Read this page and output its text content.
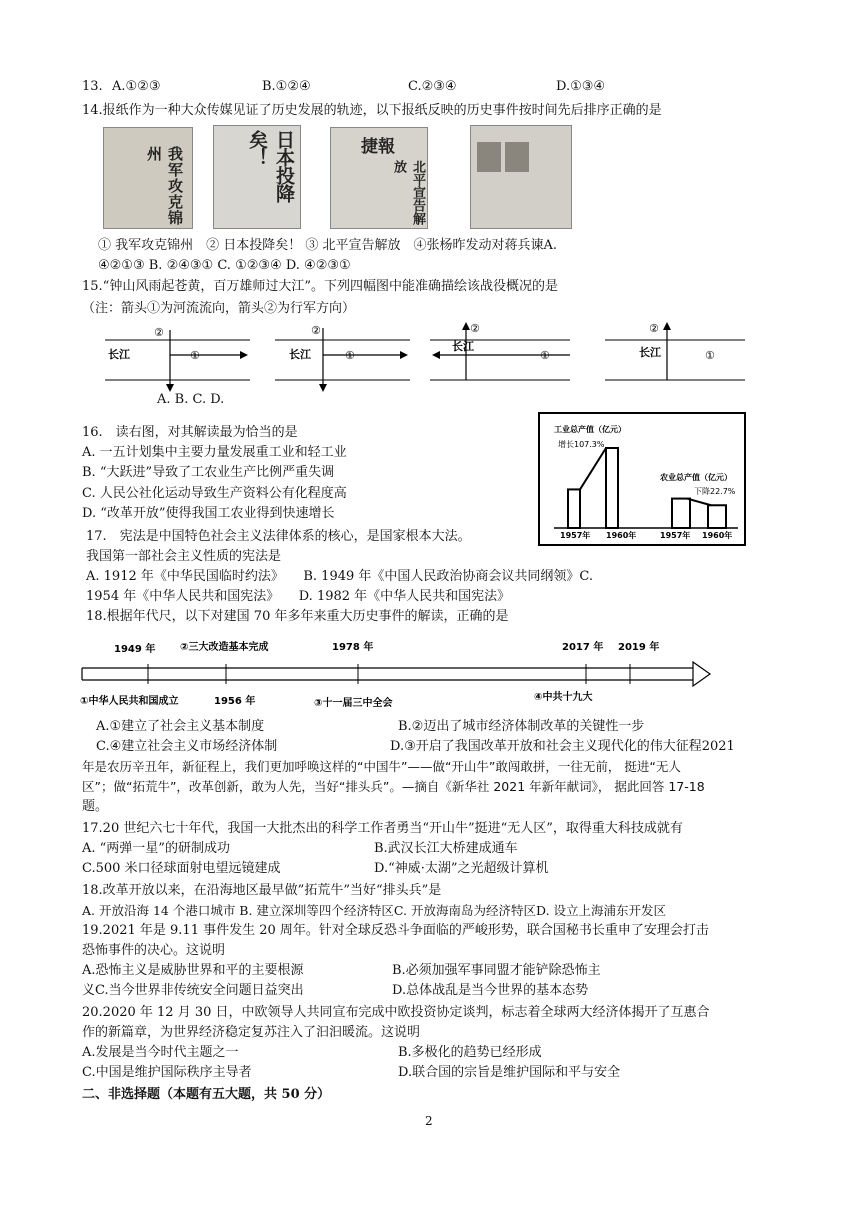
13. A.①②③	B.①②④	C.②③④	D.①③④
14.报纸作为一种大众传媒见证了历史发展的轨迹，以下报纸反映的历史事件按时间先后排序正确的是
我军攻克锦州	日本投降矣！	捷報
北平宣告解放
① 我军攻克锦州　② 日本投降矣！ ③ 北平宣告解放　④张杨昨发动对蒋兵谏A.
④②①③ B. ②④③① C. ①②③④ D. ④②③①
15.“钟山风雨起苍黄，百万雄师过大江”。下列四幅图中能准确描绘该战役概况的是
（注：箭头①为河流流向，箭头②为行军方向）
长江	①
②
长江	①
②
长江
①
②
长江	①
②
A. B. C. D.
16.　读右图，对其解读最为恰当的是
A. 一五计划集中主要力量发展重工业和轻工业
B. “大跃进”导致了工农业生产比例严重失调
C. 人民公社化运动导致生产资料公有化程度高
D. “改革开放”使得我国工农业得到快速增长
工业总产值（亿元）
增长107.3%
1957年 1960年
农业总产值（亿元）
下降22.7%
1957年 1960年
17.　宪法是中国特色社会主义法律体系的核心，是国家根本大法。
我国第一部社会主义性质的宪法是
A. 1912 年《中华民国临时约法》　　B. 1949 年《中国人民政治协商会议共同纲领》C.
1954 年《中华人民共和国宪法》　　D. 1982 年《中华人民共和国宪法》
18.根据年代尺，以下对建国 70 年多年来重大历史事件的解读，正确的是
1949 年 ②三大改造基本完成	1978 年	2017 年 2019 年
①中华人民共和国成立	1956 年	③十一届三中全会
④中共十九大
A.①建立了社会主义基本制度	B.②迈出了城市经济体制改革的关键性一步
C.④建立社会主义市场经济体制	D.③开启了我国改革开放和社会主义现代化的伟大征程2021
年是农历辛丑年，新征程上，我们更加呼唤这样的“中国牛”——做“开山牛”敢闯敢拼，一往无前， 挺进“无人
区”；做“拓荒牛”，改革创新，敢为人先，当好“排头兵”。—摘自《新华社 2021 年新年献词》， 据此回答 17-18
题。
17.20 世纪六七十年代，我国一大批杰出的科学工作者勇当“开山牛”挺进“无人区”，取得重大科技成就有
A. “两弹一星”的研制成功	B.武汉长江大桥建成通车
C.500 米口径球面射电望远镜建成	D.“神威·太湖”之光超级计算机
18.改革开放以来，在沿海地区最早做”拓荒牛”当好“排头兵”是
A. 开放沿海 14 个港口城市 B. 建立深圳等四个经济特区C. 开放海南岛为经济特区D. 设立上海浦东开发区
19.2021 年是 9.11 事件发生 20 周年。针对全球反恐斗争面临的严峻形势，联合国秘书长重申了安理会打击
恐怖事件的决心。这说明
A.恐怖主义是威胁世界和平的主要根源	B.必须加强军事同盟才能铲除恐怖主
义C.当今世界非传统安全问题日益突出	D.总体战乱是当今世界的基本态势
20.2020 年 12 月 30 日，中欧领导人共同宣布完成中欧投资协定谈判，标志着全球两大经济体揭开了互惠合
作的新篇章，为世界经济稳定复苏注入了汩汩暖流。这说明
A.发展是当今时代主题之一	B.多极化的趋势已经形成
C.中国是维护国际秩序主导者	D.联合国的宗旨是维护国际和平与安全
二、非选择题（本题有五大题，共 50 分）
2
